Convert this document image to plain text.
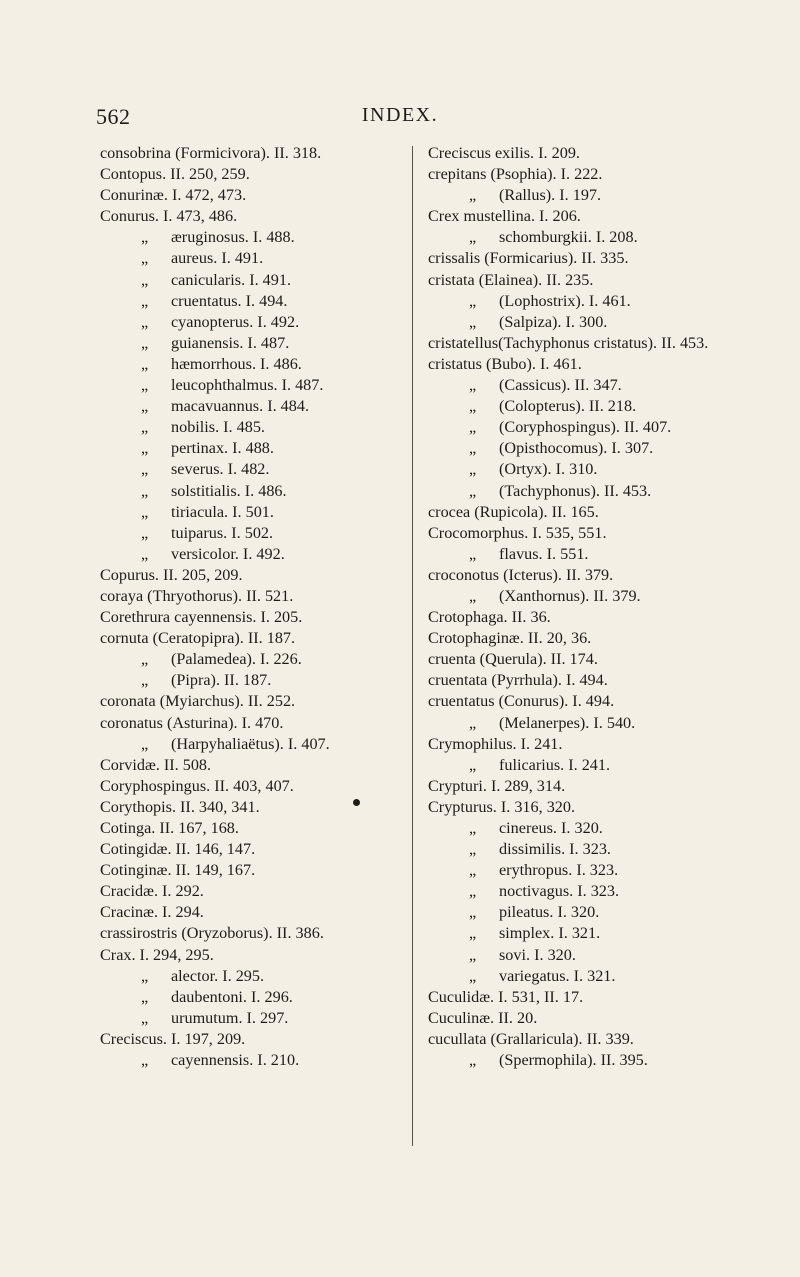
562	INDEX.
consobrina (Formicivora). II. 318.
Contopus. II. 250, 259.
Conurinæ. I. 472, 473.
Conurus. I. 473, 486.
„ æruginosus. I. 488.
„ aureus. I. 491.
„ canicularis. I. 491.
„ cruentatus. I. 494.
„ cyanopterus. I. 492.
„ guianensis. I. 487.
„ hæmorrhous. I. 486.
„ leucophthalmus. I. 487.
„ macavuannus. I. 484.
„ nobilis. I. 485.
„ pertinax. I. 488.
„ severus. I. 482.
„ solstitialis. I. 486.
„ tiriacula. I. 501.
„ tuiparus. I. 502.
„ versicolor. I. 492.
Copurus. II. 205, 209.
coraya (Thryothorus). II. 521.
Corethrura cayennensis. I. 205.
cornuta (Ceratopipra). II. 187.
„ (Palamedea). I. 226.
„ (Pipra). II. 187.
coronata (Myiarchus). II. 252.
coronatus (Asturina). I. 470.
„ (Harpyhaliaëtus). I. 407.
Corvidæ. II. 508.
Coryphospingus. II. 403, 407.
Corythopis. II. 340, 341.
Cotinga. II. 167, 168.
Cotingidæ. II. 146, 147.
Cotinginæ. II. 149, 167.
Cracidæ. I. 292.
Cracinæ. I. 294.
crassirostris (Oryzoborus). II. 386.
Crax. I. 294, 295.
„ alector. I. 295.
„ daubentoni. I. 296.
„ urumutum. I. 297.
Creciscus. I. 197, 209.
„ cayennensis. I. 210.
Creciscus exilis. I. 209.
crepitans (Psophia). I. 222.
„ (Rallus). I. 197.
Crex mustellina. I. 206.
„ schomburgkii. I. 208.
crissalis (Formicarius). II. 335.
cristata (Elainea). II. 235.
„ (Lophostrix). I. 461.
„ (Salpiza). I. 300.
cristatellus(Tachyphonus cristatus). II. 453.
cristatus (Bubo). I. 461.
„ (Cassicus). II. 347.
„ (Colopterus). II. 218.
„ (Coryphospingus). II. 407.
„ (Opisthocomus). I. 307.
„ (Ortyx). I. 310.
„ (Tachyphonus). II. 453.
crocea (Rupicola). II. 165.
Crocomorphus. I. 535, 551.
„ flavus. I. 551.
croconotus (Icterus). II. 379.
„ (Xanthornus). II. 379.
Crotophaga. II. 36.
Crotophaginæ. II. 20, 36.
cruenta (Querula). II. 174.
cruentata (Pyrrhula). I. 494.
cruentatus (Conurus). I. 494.
„ (Melanerpes). I. 540.
Crymophilus. I. 241.
„ fulicarius. I. 241.
Crypturi. I. 289, 314.
Crypturus. I. 316, 320.
„ cinereus. I. 320.
„ dissimilis. I. 323.
„ erythropus. I. 323.
„ noctivagus. I. 323.
„ pileatus. I. 320.
„ simplex. I. 321.
„ sovi. I. 320.
„ variegatus. I. 321.
Cuculidæ. I. 531, II. 17.
Cuculinæ. II. 20.
cucullata (Grallaricula). II. 339.
„ (Spermophila). II. 395.
